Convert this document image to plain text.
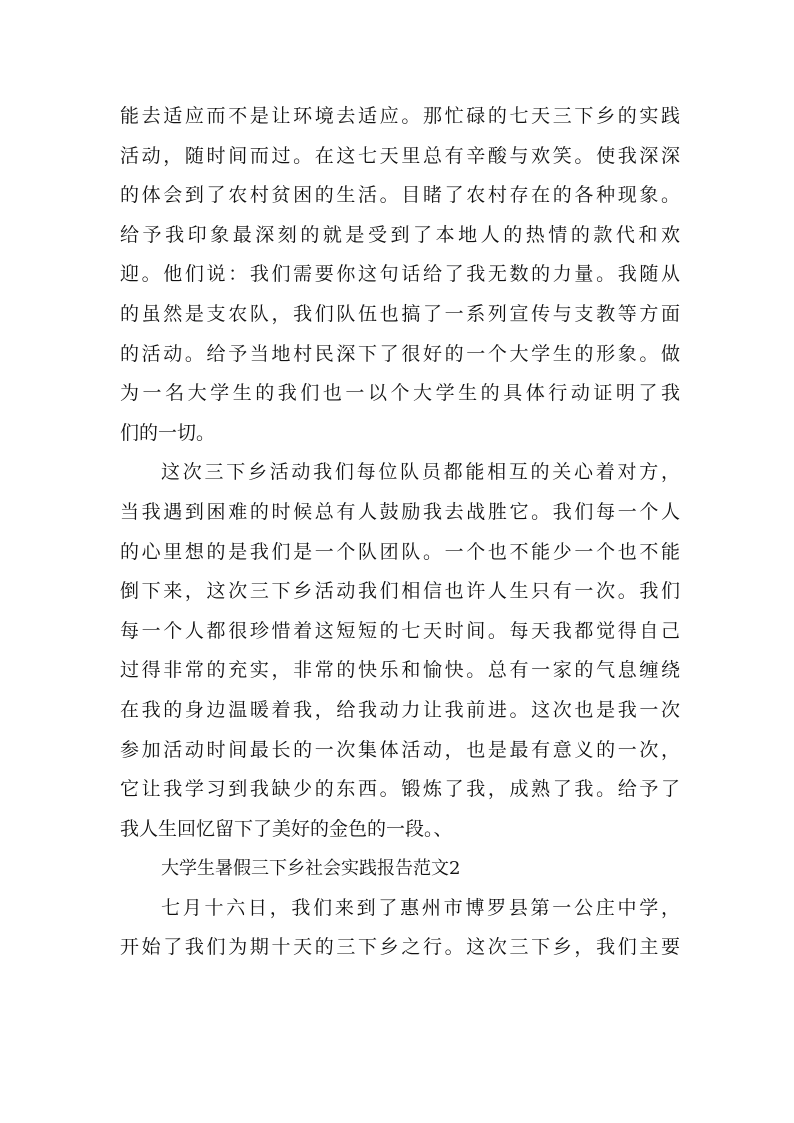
能去适应而不是让环境去适应。那忙碌的七天三下乡的实践
活动，随时间而过。在这七天里总有辛酸与欢笑。使我深深
的体会到了农村贫困的生活。目睹了农村存在的各种现象。
给予我印象最深刻的就是受到了本地人的热情的款代和欢
迎。他们说：我们需要你这句话给了我无数的力量。我随从
的虽然是支农队，我们队伍也搞了一系列宣传与支教等方面
的活动。给予当地村民深下了很好的一个大学生的形象。做
为一名大学生的我们也一以个大学生的具体行动证明了我
们的一切。
这次三下乡活动我们每位队员都能相互的关心着对方，
当我遇到困难的时候总有人鼓励我去战胜它。我们每一个人
的心里想的是我们是一个队团队。一个也不能少一个也不能
倒下来，这次三下乡活动我们相信也许人生只有一次。我们
每一个人都很珍惜着这短短的七天时间。每天我都觉得自己
过得非常的充实，非常的快乐和愉快。总有一家的气息缠绕
在我的身边温暖着我，给我动力让我前进。这次也是我一次
参加活动时间最长的一次集体活动，也是最有意义的一次，
它让我学习到我缺少的东西。锻炼了我，成熟了我。给予了
我人生回忆留下了美好的金色的一段。、
大学生暑假三下乡社会实践报告范文2
七月十六日，我们来到了惠州市博罗县第一公庄中学，
开始了我们为期十天的三下乡之行。这次三下乡，我们主要
